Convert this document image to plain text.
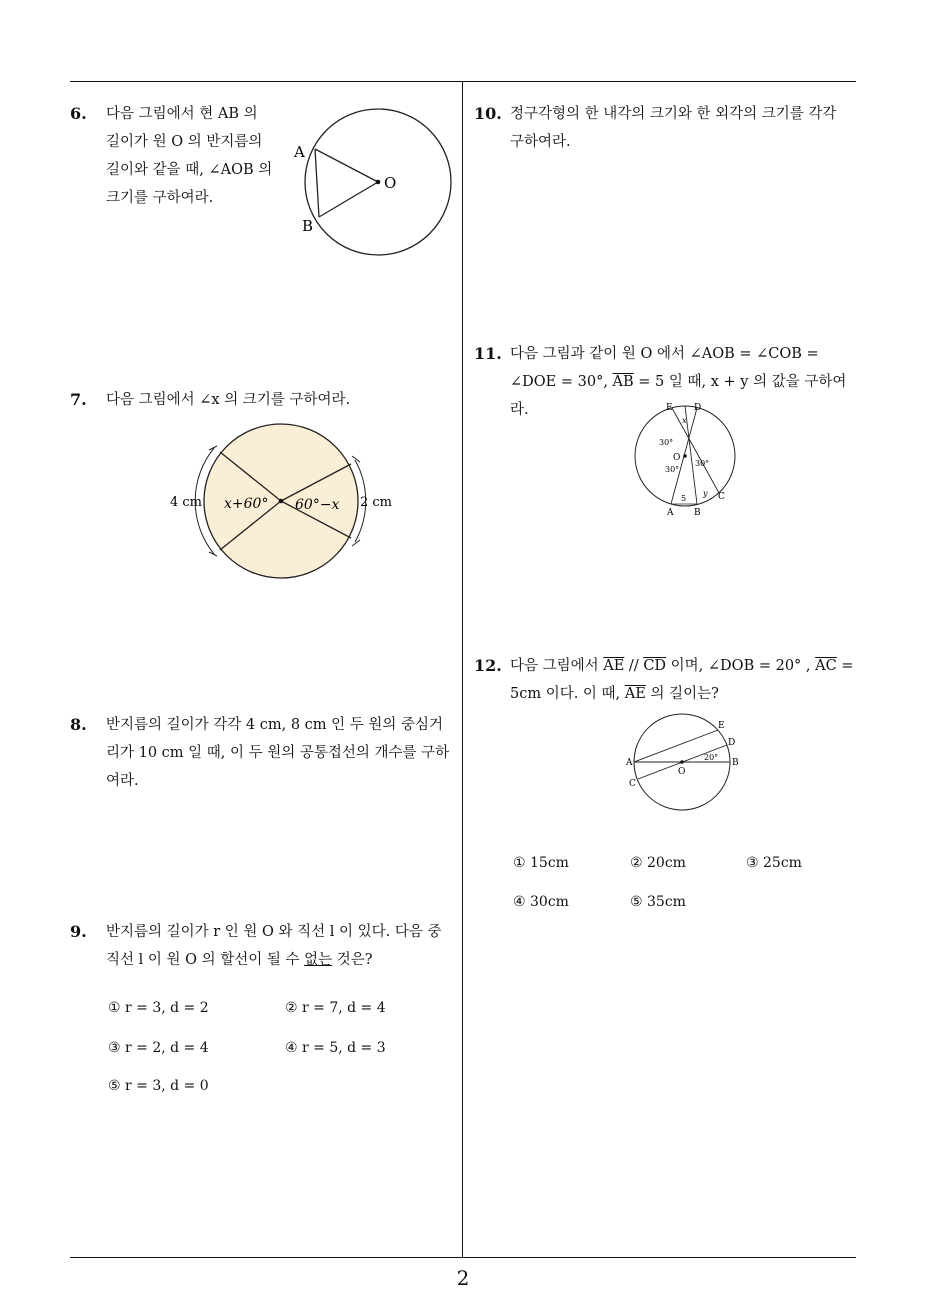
2
6. 다음 그림에서 현 AB 의
길이가 원 O 의 반지름의
길이와 같을 때, ∠AOB 의
크기를 구하여라.
A
B
O
7. 다음 그림에서 ∠x 의 크기를 구하여라.
4 cm	2 cm
x+60° 60°−x
8. 반지름의 길이가 각각 4 cm, 8 cm 인 두 원의 중심거
리가 10 cm 일 때, 이 두 원의 공통접선의 개수를 구하
여라.
9. 반지름의 길이가 r 인 원 O 와 직선 l 이 있다. 다음 중
직선 l 이 원 O 의 할선이 될 수 없는 것은?
① r = 3, d = 2	② r = 7, d = 4
③ r = 2, d = 4	④ r = 5, d = 3
⑤ r = 3, d = 0
10. 정구각형의 한 내각의 크기와 한 외각의 크기를 각각
구하여라.
11. 다음 그림과 같이 원 O 에서 ∠AOB = ∠COB =
∠DOE = 30°, $\overline{AB} = 5$ 일 때, x + y 의 값을 구하여라.	E D
x
30°
O
30°
30°
5
y C
A B
12. 다음 그림에서 $\overline{AE} // \overline{CD}$ 이며, ∠DOB = 20° , $\overline{AC}$ =
5cm 이다. 이 때, $\overline{AE}$ 의 길이는?
E
D
20°
A	B
O
C
① 15cm	② 20cm	③ 25cm
④ 30cm	⑤ 35cm
